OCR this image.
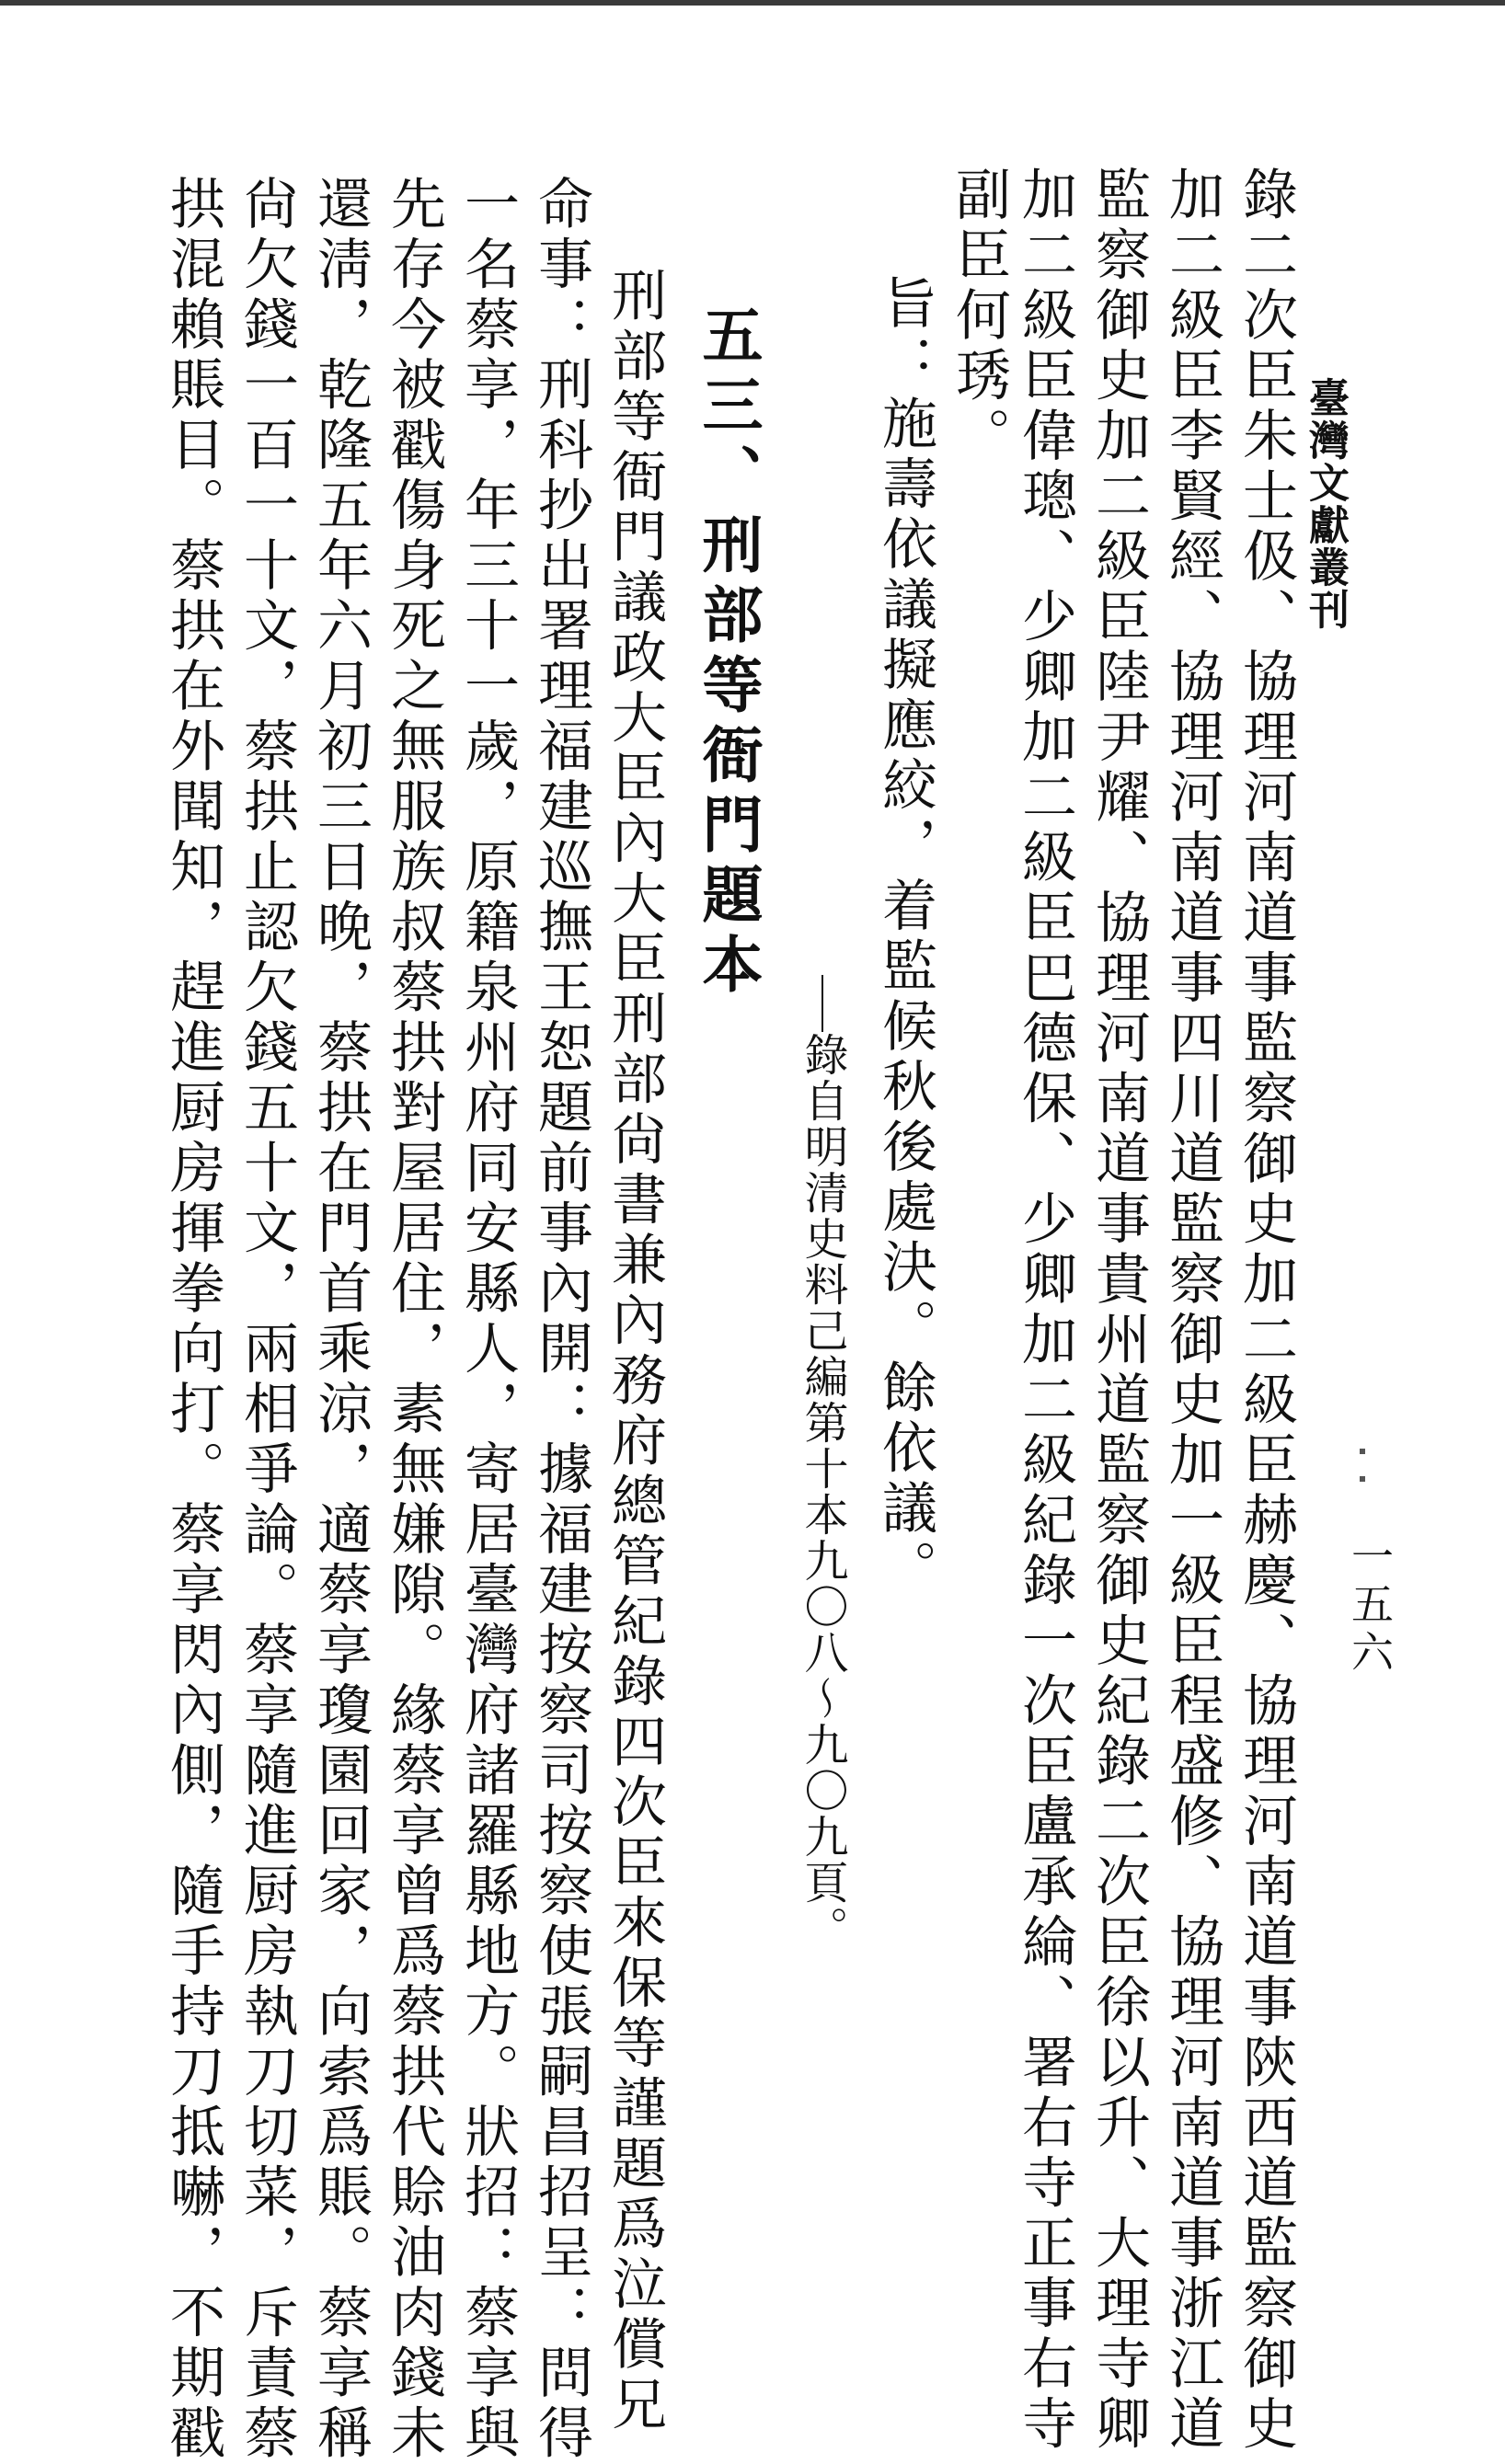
臺灣文獻叢刊
一五六
錄二次臣朱士伋、協理河南道事監察御史加二級臣赫慶、協理河南道事陝西道監察御史
加二級臣李賢經、協理河南道事四川道監察御史加一級臣程盛修、協理河南道事浙江道
監察御史加二級臣陸尹耀、協理河南道事貴州道監察御史紀錄二次臣徐以升、大理寺卿
加二級臣偉璁、少卿加二級臣巴德保、少卿加二級紀錄一次臣盧承綸、署右寺正事右寺
副臣何琇。
旨：施壽依議擬應絞，着監候秋後處決。餘依議。
錄自明清史料己編第十本九〇八〜九〇九頁。
五三、刑部等衙門題本
刑部等衙門議政大臣內大臣刑部尙書兼內務府總管紀錄四次臣來保等謹題爲泣償兄
命事：刑科抄出署理福建巡撫王恕題前事內開：據福建按察司按察使張嗣昌招呈：問得
一名蔡享，年三十一歲，原籍泉州府同安縣人，寄居臺灣府諸羅縣地方。狀招：蔡享與
先存今被戳傷身死之無服族叔蔡拱對屋居住，素無嫌隙。緣蔡享曾爲蔡拱代賒油肉錢未
還淸，乾隆五年六月初三日晚，蔡拱在門首乘涼，適蔡享瓊園回家，向索爲賬。蔡享稱
尙欠錢一百一十文，蔡拱止認欠錢五十文，兩相爭論。蔡享隨進厨房執刀切菜，斥責蔡
拱混賴賬目。蔡拱在外聞知，趕進厨房揮拳向打。蔡享閃內側，隨手持刀抵嚇，不期戳
